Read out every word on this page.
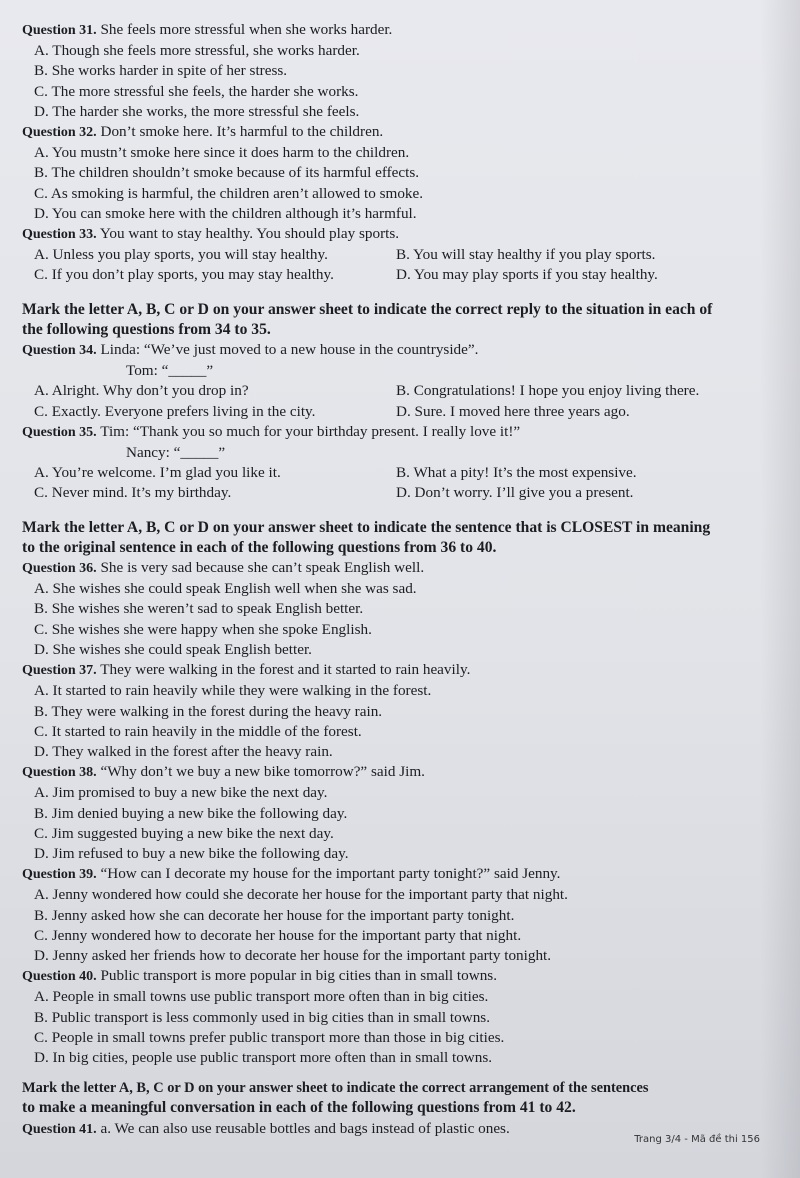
Question 31. She feels more stressful when she works harder.
A. Though she feels more stressful, she works harder.
B. She works harder in spite of her stress.
C. The more stressful she feels, the harder she works.
D. The harder she works, the more stressful she feels.
Question 32. Don’t smoke here. It’s harmful to the children.
A. You mustn’t smoke here since it does harm to the children.
B. The children shouldn’t smoke because of its harmful effects.
C. As smoking is harmful, the children aren’t allowed to smoke.
D. You can smoke here with the children although it’s harmful.
Question 33. You want to stay healthy. You should play sports.
A. Unless you play sports, you will stay healthy.	B. You will stay healthy if you play sports.
C. If you don’t play sports, you may stay healthy.	D. You may play sports if you stay healthy.
Mark the letter A, B, C or D on your answer sheet to indicate the correct reply to the situation in each of
the following questions from 34 to 35.
Question 34. Linda: “We’ve just moved to a new house in the countryside”.
Tom: “_____”
A. Alright. Why don’t you drop in?	B. Congratulations! I hope you enjoy living there.
C. Exactly. Everyone prefers living in the city.	D. Sure. I moved here three years ago.
Question 35. Tim: “Thank you so much for your birthday present. I really love it!”
Nancy: “_____”
A. You’re welcome. I’m glad you like it.	B. What a pity! It’s the most expensive.
C. Never mind. It’s my birthday.	D. Don’t worry. I’ll give you a present.
Mark the letter A, B, C or D on your answer sheet to indicate the sentence that is CLOSEST in meaning
to the original sentence in each of the following questions from 36 to 40.
Question 36. She is very sad because she can’t speak English well.
A. She wishes she could speak English well when she was sad.
B. She wishes she weren’t sad to speak English better.
C. She wishes she were happy when she spoke English.
D. She wishes she could speak English better.
Question 37. They were walking in the forest and it started to rain heavily.
A. It started to rain heavily while they were walking in the forest.
B. They were walking in the forest during the heavy rain.
C. It started to rain heavily in the middle of the forest.
D. They walked in the forest after the heavy rain.
Question 38. “Why don’t we buy a new bike tomorrow?” said Jim.
A. Jim promised to buy a new bike the next day.
B. Jim denied buying a new bike the following day.
C. Jim suggested buying a new bike the next day.
D. Jim refused to buy a new bike the following day.
Question 39. “How can I decorate my house for the important party tonight?” said Jenny.
A. Jenny wondered how could she decorate her house for the important party that night.
B. Jenny asked how she can decorate her house for the important party tonight.
C. Jenny wondered how to decorate her house for the important party that night.
D. Jenny asked her friends how to decorate her house for the important party tonight.
Question 40. Public transport is more popular in big cities than in small towns.
A. People in small towns use public transport more often than in big cities.
B. Public transport is less commonly used in big cities than in small towns.
C. People in small towns prefer public transport more than those in big cities.
D. In big cities, people use public transport more often than in small towns.
Mark the letter A, B, C or D on your answer sheet to indicate the correct arrangement of the sentences
to make a meaningful conversation in each of the following questions from 41 to 42.
Question 41. a. We can also use reusable bottles and bags instead of plastic ones.
Trang 3/4 - Mã đề thi 156
